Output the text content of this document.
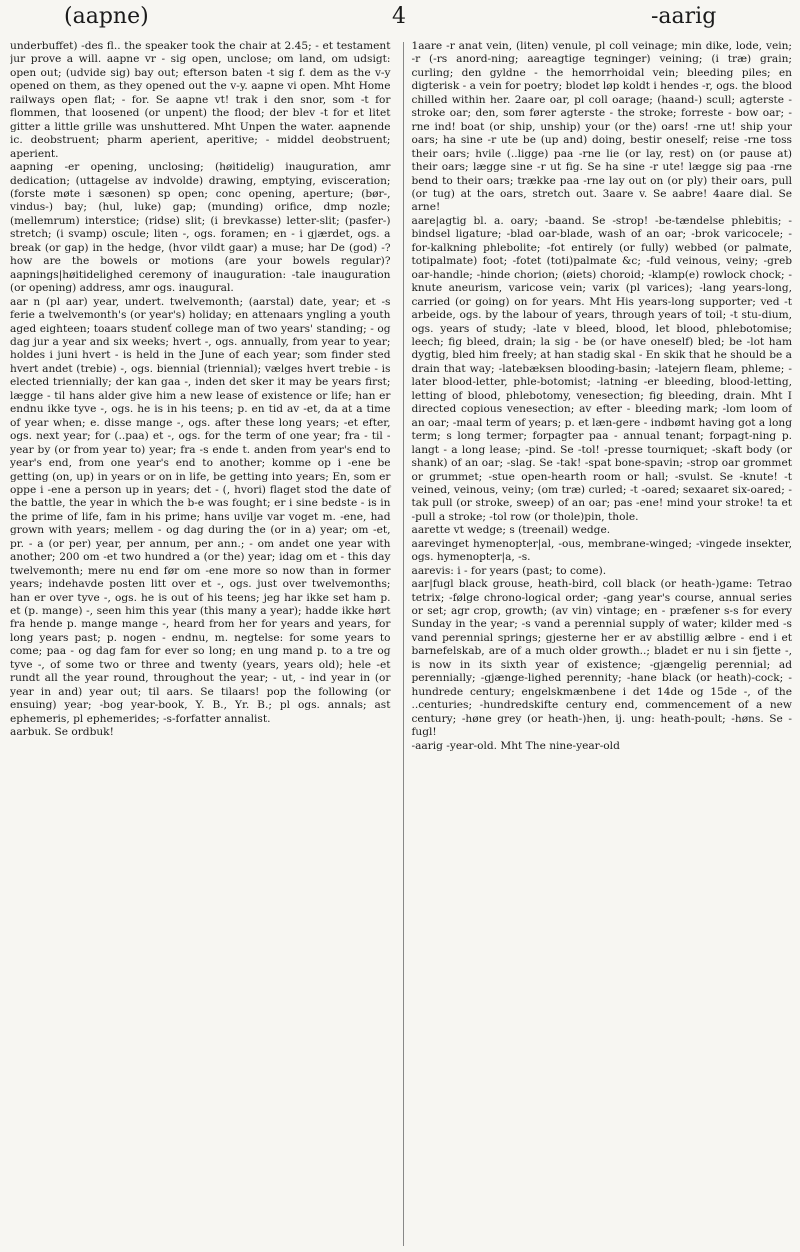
(aapne)	4	-aarig

underbuffet) -des fl.. the speaker took the chair at 2.45; - et testament jur prove a will. aapne vr - sig open, unclose; om land, om udsigt: open out; (udvide sig) bay out; efterson baten -t sig f. dem as the v-y opened on them, as they opened out the v-y. aapne vi open. Mht Home railways open flat; - for. Se aapne vt! trak i den snor, som -t for flommen, that loosened (or unpent) the flood; der blev -t for et litet gitter a little grille was unshuttered. Mht Unpen the water. aapnende ic. deobstruent; pharm aperient, aperitive; - middel deobstruent; aperient.

aapning -er opening, unclosing; (høitidelig) inauguration, amr dedication; (uttagelse av indvolde) drawing, emptying, evisceration; (forste møte i sæsonen) sp open; conc opening, aperture; (bør-, vindus-) bay; (hul, luke) gap; (munding) orifice, dmp nozle; (mellemrum) interstice; (ridse) slit; (i brevkasse) letter-slit; (pasfer-) stretch; (i svamp) oscule; liten -, ogs. foramen; en - i gjærdet, ogs. a break (or gap) in the hedge, (hvor vildt gaar) a muse; har De (god) -? how are the bowels or motions (are your bowels regular)? aapnings|høitidelighed ceremony of inauguration: -tale inauguration (or opening) address, amr ogs. inaugural.

aar n (pl aar) year, undert. twelvemonth; (aarstal) date, year; et -s ferie a twelvemonth's (or year's) holiday; en attenaars yngling a youth aged eighteen; toaars studenť college man of two years' standing; - og dag jur a year and six weeks; hvert -, ogs. annually, from year to year; holdes i juni hvert - is held in the June of each year; som finder sted hvert andet (trebie) -, ogs. biennial (triennial); vælges hvert trebie - is elected triennially; der kan gaa -, inden det sker it may be years first; lægge - til hans alder give him a new lease of existence or life; han er endnu ikke tyve -, ogs. he is in his teens; p. en tid av -et, da at a time of year when; e. disse mange -, ogs. after these long years; -et efter, ogs. next year; for (..paa) et -, ogs. for the term of one year; fra - til - year by (or from year to) year; fra -s ende t. anden from year's end to year's end, from one year's end to another; komme op i -ene be getting (on, up) in years or on in life, be getting into years; En, som er oppe i -ene a person up in years; det - (, hvori) flaget stod the date of the battle, the year in which the b-e was fought; er i sine bedste - is in the prime of life, fam in his prime; hans uvilje var voget m. -ene, had grown with years; mellem - og dag during the (or in a) year; om -et, pr. - a (or per) year, per annum, per ann.; - om andet one year with another; 200 om -et two hundred a (or the) year; idag om et - this day twelvemonth; mere nu end før om -ene more so now than in former years; indehavde posten litt over et -, ogs. just over twelvemonths; han er over tyve -, ogs. he is out of his teens; jeg har ikke set ham p. et (p. mange) -, seen him this year (this many a year); hadde ikke hørt fra hende p. mange mange -, heard from her for years and years, for long years past; p. nogen - endnu, m. negtelse: for some years to come; paa - og dag fam for ever so long; en ung mand p. to a tre og tyve -, of some two or three and twenty (years, years old); hele -et rundt all the year round, throughout the year; - ut, - ind year in (or year in and) year out; til aars. Se tilaars! pop the following (or ensuing) year; -bog year-book, Y. B., Yr. B.; pl ogs. annals; ast ephemeris, pl ephemerides; -s-forfatter annalist.

aarbuk. Se ordbuk!

1aare -r anat vein, (liten) venule, pl coll veinage; min dike, lode, vein; -r (-rs anord-ning; aareagtige tegninger) veining; (i træ) grain; curling; den gyldne - the hemorrhoidal vein; bleeding piles; en digterisk - a vein for poetry; blodet løp koldt i hendes -r, ogs. the blood chilled within her. 2aare oar, pl coll oarage; (haand-) scull; agterste - stroke oar; den, som fører agterste - the stroke; forreste - bow oar; -rne ind! boat (or ship, unship) your (or the) oars! -rne ut! ship your oars; ha sine -r ute be (up and) doing, bestir oneself; reise -rne toss their oars; hvile (..ligge) paa -rne lie (or lay, rest) on (or pause at) their oars; lægge sine -r ut fig. Se ha sine -r ute! lægge sig paa -rne bend to their oars; trække paa -rne lay out on (or ply) their oars, pull (or tug) at the oars, stretch out. 3aare v. Se aabre! 4aare dial. Se arne!

aare|agtig bl. a. oary; -baand. Se -strop! -be-tændelse phlebitis; -bindsel ligature; -blad oar-blade, wash of an oar; -brok varicocele; -for-kalkning phlebolite; -fot entirely (or fully) webbed (or palmate, totipalmate) foot; -fotet (toti)palmate &c; -fuld veinous, veiny; -greb oar-handle; -hinde chorion; (øiets) choroid; -klamp(e) rowlock chock; -knute aneurism, varicose vein; varix (pl varices); -lang years-long, carried (or going) on for years. Mht His years-long supporter; ved -t arbeide, ogs. by the labour of years, through years of toil; -t stu-dium, ogs. years of study; -late v bleed, blood, let blood, phlebotomise; leech; fig bleed, drain; la sig - be (or have oneself) bled; be -lot ham dygtig, bled him freely; at han stadig skal - En skik that he should be a drain that way; -latebæksen blooding-basin; -latejern fleam, phleme; -later blood-letter, phle-botomist; -latning -er bleeding, blood-letting, letting of blood, phlebotomy, venesection; fig bleeding, drain. Mht I directed copious venesection; av efter - bleeding mark; -lom loom of an oar; -maal term of years; p. et læn-gere - indbømt having got a long term; s long termer; forpagter paa - annual tenant; forpagt-ning p. langt - a long lease; -pind. Se -tol! -presse tourniquet; -skaft body (or shank) of an oar; -slag. Se -tak! -spat bone-spavin; -strop oar grommet or grummet; -stue open-hearth room or hall; -svulst. Se -knute! -t veined, veinous, veiny; (om træ) curled; -t -oared; sexaaret six-oared; -tak pull (or stroke, sweep) of an oar; pas -ene! mind your stroke! ta et -pull a stroke; -tol row (or thole)pin, thole.

aarette vt wedge; s (treenail) wedge.

aarevinget hymenopter|al, -ous, membrane-winged; -vingede insekter, ogs. hymenopter|a, -s.

aarevis: i - for years (past; to come).

aar|fugl black grouse, heath-bird, coll black (or heath-)game: Tetrao tetrix; -følge chrono-logical order; -gang year's course, annual series or set; agr crop, growth; (av vin) vintage; en - præfener s-s for every Sunday in the year; -s vand a perennial supply of water; kilder med -s vand perennial springs; gjesterne her er av abstillig ælbre - end i et barnefelskab, are of a much older growth..; bladet er nu i sin fjette -, is now in its sixth year of existence; -gjængelig perennial; ad perennially; -gjænge-lighed perennity; -hane black (or heath)-cock; -hundrede century; engelskmænbene i det 14de og 15de -, of the ..centuries; -hundredskifte century end, commencement of a new century; -høne grey (or heath-)hen, ij. ung: heath-poult; -høns. Se -fugl!

-aarig -year-old. Mht The nine-year-old
